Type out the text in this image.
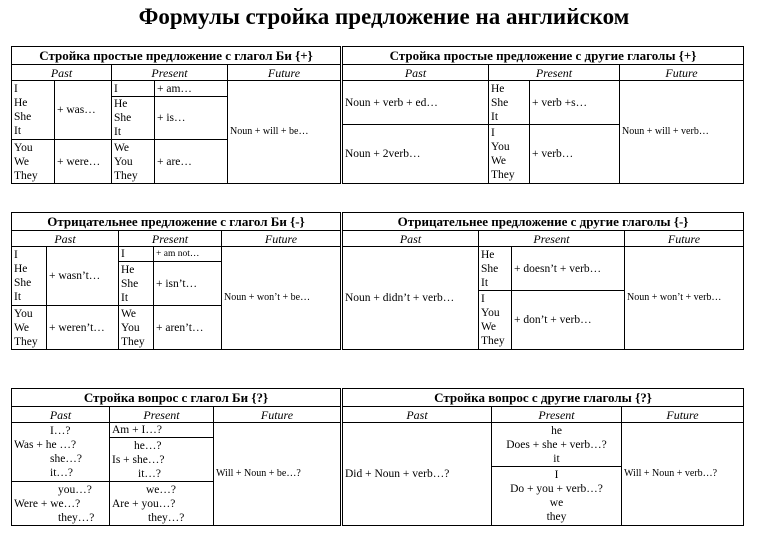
Формулы стройка предложение на английском
Стройка простые предложение с глагол Би {+}				
Past		Present		Future

I
He
She
It	+ was…	I	+ am…	Noun + will + be…

		He
She
It	+ is…	

You
We
They	+ were…	We
You
They	+ are…	
Стройка простые предложение с другие глаголы {+}			
Past	Present		Future
Noun + verb + ed…	He
She
It	+ verb +s…	Noun + will + verb…
Noun + 2verb…	I
You
We
They	+ verb…	
Отрицательнее предложение с глагол Би {-}				
Past		Present		Future

I
He
She
It	+ wasn’t…	I	+ am not…	Noun + won’t + be…

		He
She
It	+ isn’t…	

You
We
They	+ weren’t…	We
You
They	+ aren’t…	
Отрицательнее предложение с другие глаголы {-}			
Past	Present		Future
Noun + didn’t + verb…	He
She
It	+ doesn’t + verb…	Noun + won’t + verb…

	I
You
We
They	+ don’t + verb…	
Стройка вопрос с глагол Би {?}		
Past	Present	Future

I…?
Was + he …?
she…?
it…?	Am + I…?	Will + Noun + be…?

	he…?
Is + she…?
it…?	

you…?
Were + we…?
they…?	we…?
Are + you…?
they…?	
Стройка вопрос с другие глаголы {?}		
Past	Present	Future
Did + Noun + verb…?	he
Does + she + verb…?
it	Will + Noun + verb…?

	I
Do + you + verb…?
we
they	
